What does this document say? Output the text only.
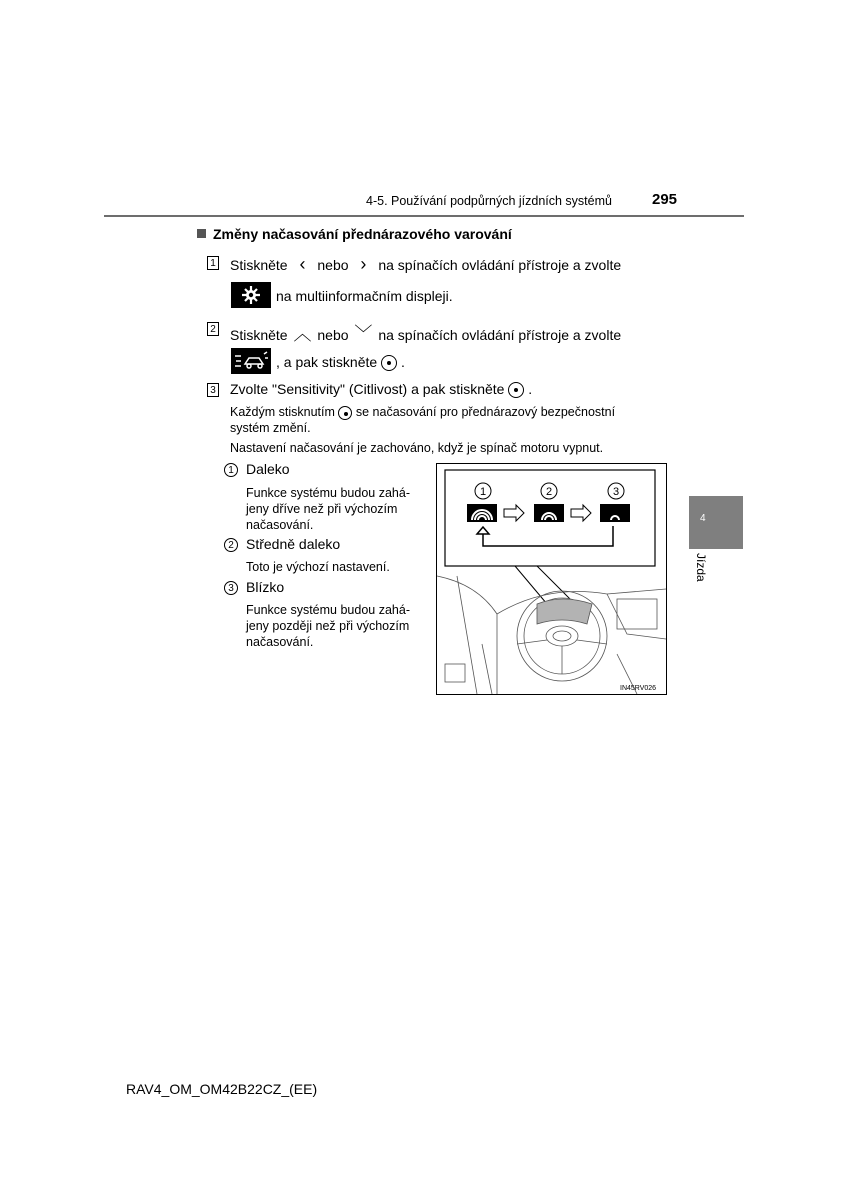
4-5. Používání podpůrných jízdních systémů	295
Změny načasování přednárazového varování
1 Stiskněte ‹ nebo › na spínačích ovládání přístroje a zvolte
na multiinformačním displeji.
2 Stiskněte ︿ nebo ﹀ na spínačích ovládání přístroje a zvolte
, a pak stiskněte .
3 Zvolte "Sensitivity" (Citlivost) a pak stiskněte .
Každým stisknutím se načasování pro přednárazový bezpečnostní
systém změní.
Nastavení načasování je zachováno, když je spínač motoru vypnut.
1 Daleko
Funkce systému budou zahá-
jeny dříve než při výchozím
načasování.
2 Středně daleko
Toto je výchozí nastavení.
3 Blízko
Funkce systému budou zahá-
jeny později než při výchozím
načasování.
1	2	3
IN45RV026
4
Jízda
RAV4_OM_OM42B22CZ_(EE)
